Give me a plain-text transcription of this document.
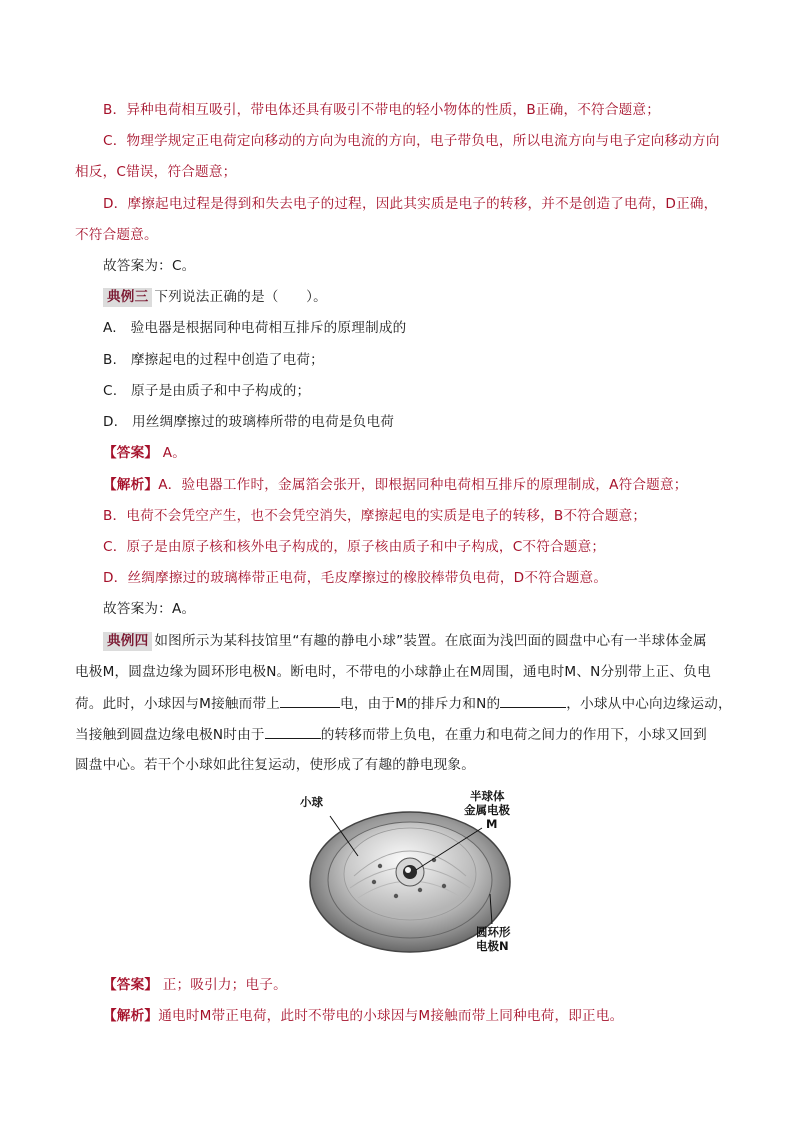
B．异种电荷相互吸引，带电体还具有吸引不带电的轻小物体的性质，B正确，不符合题意；
C．物理学规定正电荷定向移动的方向为电流的方向，电子带负电，所以电流方向与电子定向移动方向
相反，C错误，符合题意；
D．摩擦起电过程是得到和失去电子的过程，因此其实质是电子的转移，并不是创造了电荷，D正确，
不符合题意。
故答案为：C。
典例三 下列说法正确的是（　　）。
A.　验电器是根据同种电荷相互排斥的原理制成的
B.　摩擦起电的过程中创造了电荷；
C.　原子是由质子和中子构成的；
D.　用丝绸摩擦过的玻璃棒所带的电荷是负电荷
【答案】 A。
【解析】A．验电器工作时，金属箔会张开，即根据同种电荷相互排斥的原理制成，A符合题意；
B．电荷不会凭空产生，也不会凭空消失，摩擦起电的实质是电子的转移，B不符合题意；
C．原子是由原子核和核外电子构成的，原子核由质子和中子构成，C不符合题意；
D．丝绸摩擦过的玻璃棒带正电荷，毛皮摩擦过的橡胶棒带负电荷，D不符合题意。
故答案为：A。
典例四 如图所示为某科技馆里“有趣的静电小球”装置。在底面为浅凹面的圆盘中心有一半球体金属
电极M，圆盘边缘为圆环形电极N。断电时，不带电的小球静止在M周围，通电时M、N分别带上正、负电
荷。此时，小球因与M接触而带上	电，由于M的排斥力和N的	，小球从中心向边缘运动，
当接触到圆盘边缘电极N时由于	的转移而带上负电，在重力和电荷之间力的作用下，小球又回到
圆盘中心。若干个小球如此往复运动，使形成了有趣的静电现象。
小球	半球体
金属电极
M
圆环形
电极N
【答案】 正；吸引力；电子。
【解析】通电时M带正电荷，此时不带电的小球因与M接触而带上同种电荷，即正电。
